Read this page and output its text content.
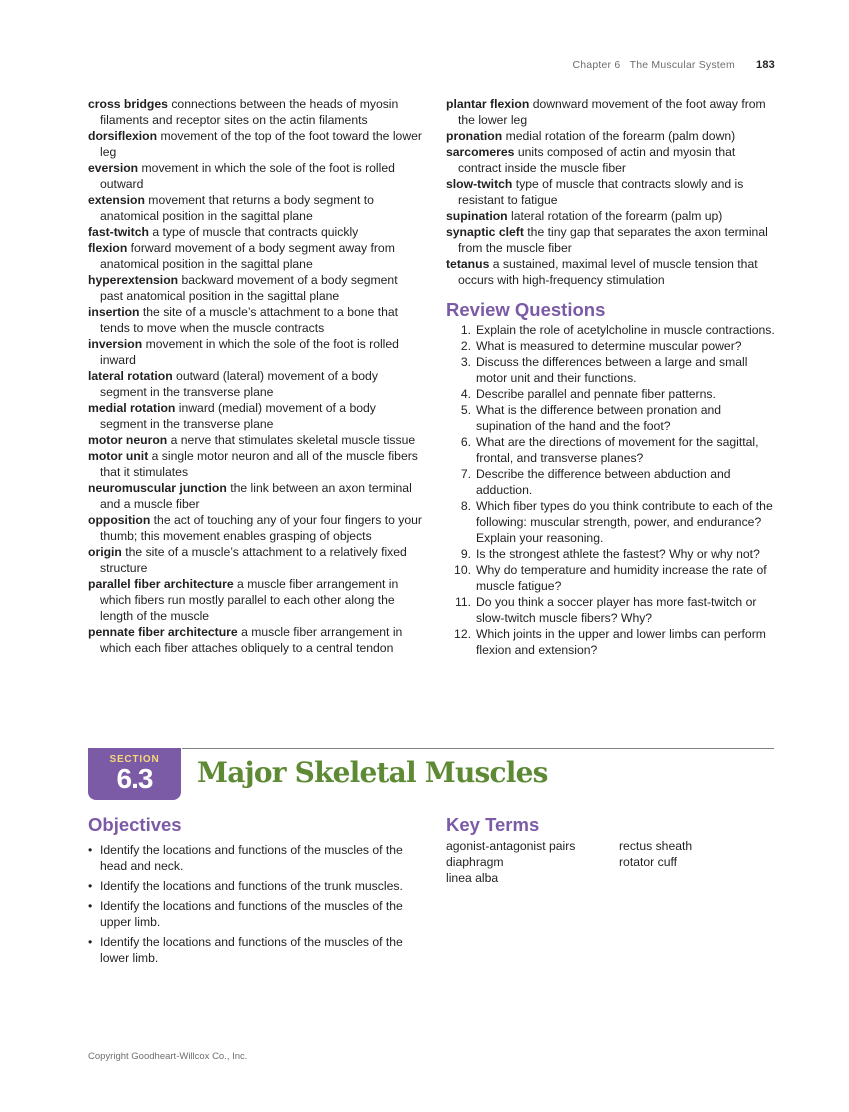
Chapter 6 The Muscular System 183

cross bridges connections between the heads of myosin filaments and receptor sites on the actin filaments

dorsiflexion movement of the top of the foot toward the lower leg

eversion movement in which the sole of the foot is rolled outward

extension movement that returns a body segment to anatomical position in the sagittal plane

fast-twitch a type of muscle that contracts quickly

flexion forward movement of a body segment away from anatomical position in the sagittal plane

hyperextension backward movement of a body segment past anatomical position in the sagittal plane

insertion the site of a muscle’s attachment to a bone that tends to move when the muscle contracts

inversion movement in which the sole of the foot is rolled inward

lateral rotation outward (lateral) movement of a body segment in the transverse plane

medial rotation inward (medial) movement of a body segment in the transverse plane

motor neuron a nerve that stimulates skeletal muscle tissue

motor unit a single motor neuron and all of the muscle fibers that it stimulates

neuromuscular junction the link between an axon terminal and a muscle fiber

opposition the act of touching any of your four fingers to your thumb; this movement enables grasping of objects

origin the site of a muscle’s attachment to a relatively fixed structure

parallel fiber architecture a muscle fiber arrangement in which fibers run mostly parallel to each other along the length of the muscle

pennate fiber architecture a muscle fiber arrangement in which each fiber attaches obliquely to a central tendon

plantar flexion downward movement of the foot away from the lower leg

pronation medial rotation of the forearm (palm down)

sarcomeres units composed of actin and myosin that contract inside the muscle fiber

slow-twitch type of muscle that contracts slowly and is resistant to fatigue

supination lateral rotation of the forearm (palm up)

synaptic cleft the tiny gap that separates the axon terminal from the muscle fiber

tetanus a sustained, maximal level of muscle tension that occurs with high-frequency stimulation

Review Questions
1. Explain the role of acetylcholine in muscle contractions.
2. What is measured to determine muscular power?
3. Discuss the differences between a large and small motor unit and their functions.
4. Describe parallel and pennate fiber patterns.
5. What is the difference between pronation and supination of the hand and the foot?
6. What are the directions of movement for the sagittal, frontal, and transverse planes?
7. Describe the difference between abduction and adduction.
8. Which fiber types do you think contribute to each of the following: muscular strength, power, and endurance? Explain your reasoning.
9. Is the strongest athlete the fastest? Why or why not?
10. Why do temperature and humidity increase the rate of muscle fatigue?
11. Do you think a soccer player has more fast-twitch or slow-twitch muscle fibers? Why?
12. Which joints in the upper and lower limbs can perform flexion and extension?
SECTION
6.3	Major Skeletal Muscles
Objectives
• Identify the locations and functions of the muscles of the head and neck.
• Identify the locations and functions of the trunk muscles.
• Identify the locations and functions of the muscles of the upper limb.
• Identify the locations and functions of the muscles of the lower limb.
Key Terms
agonist-antagonist pairs
diaphragm
linea alba
rectus sheath
rotator cuff
Copyright Goodheart-Willcox Co., Inc.
